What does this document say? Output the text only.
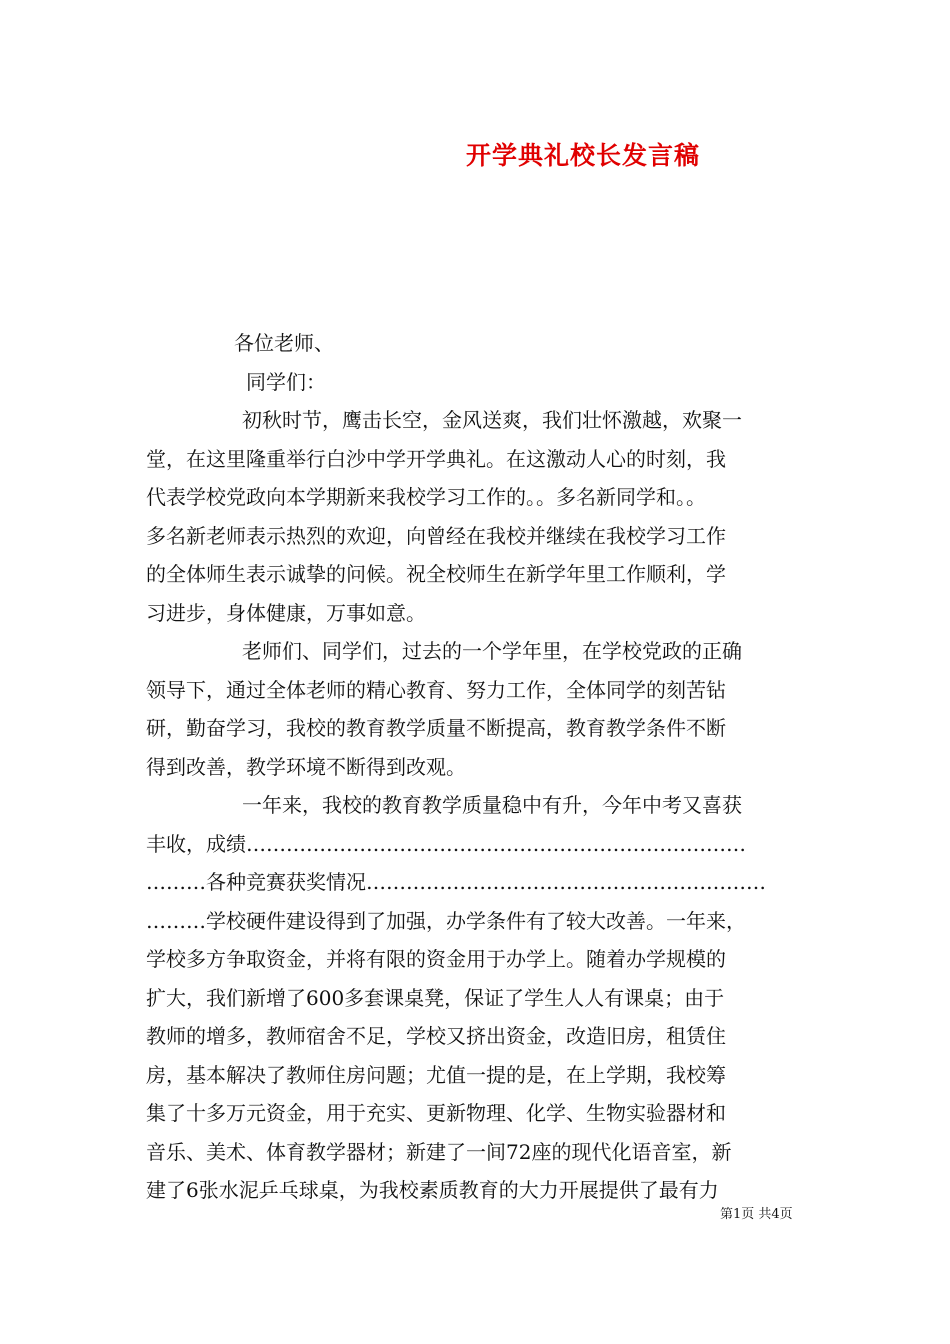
开学典礼校长发言稿
各位老师、
同学们：
初秋时节，鹰击长空，金风送爽，我们壮怀激越，欢聚一
堂，在这里隆重举行白沙中学开学典礼。在这激动人心的时刻，我
代表学校党政向本学期新来我校学习工作的。。多名新同学和。。
多名新老师表示热烈的欢迎，向曾经在我校并继续在我校学习工作
的全体师生表示诚挚的问候。祝全校师生在新学年里工作顺利，学
习进步，身体健康，万事如意。
老师们、同学们，过去的一个学年里，在学校党政的正确
领导下，通过全体老师的精心教育、努力工作，全体同学的刻苦钻
研，勤奋学习，我校的教育教学质量不断提高，教育教学条件不断
得到改善，教学环境不断得到改观。
一年来，我校的教育教学质量稳中有升，今年中考又喜获
丰收，成绩…………………………………………………………………
………各种竞赛获奖情况……………………………………………………
………学校硬件建设得到了加强，办学条件有了较大改善。一年来，
学校多方争取资金，并将有限的资金用于办学上。随着办学规模的
扩大，我们新增了600多套课桌凳，保证了学生人人有课桌；由于
教师的增多，教师宿舍不足，学校又挤出资金，改造旧房，租赁住
房，基本解决了教师住房问题；尤值一提的是，在上学期，我校筹
集了十多万元资金，用于充实、更新物理、化学、生物实验器材和
音乐、美术、体育教学器材；新建了一间72座的现代化语音室，新
建了6张水泥乒乓球桌，为我校素质教育的大力开展提供了最有力
第1页 共4页
